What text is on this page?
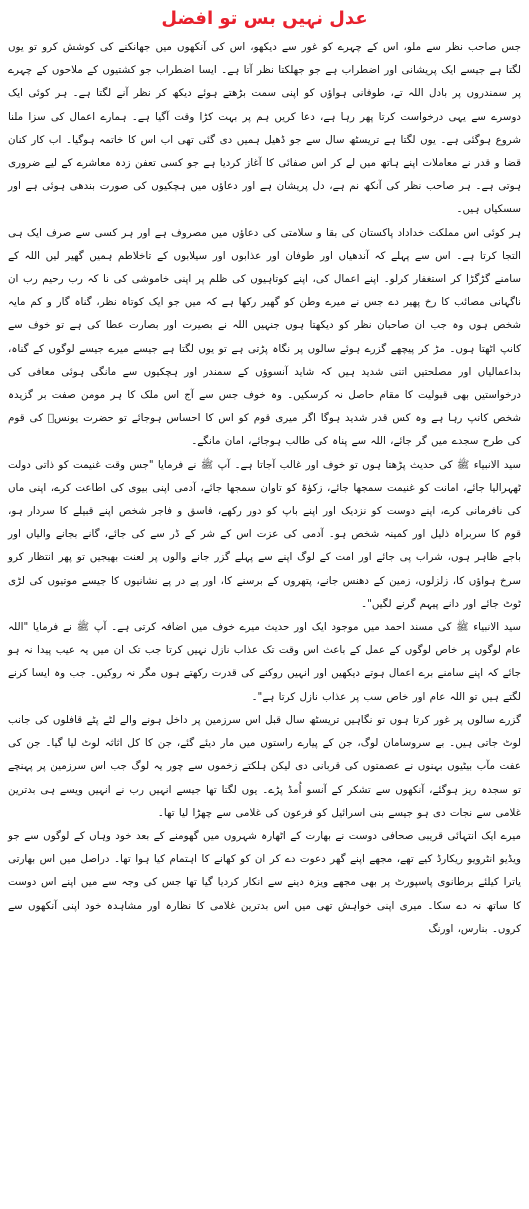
عدل نہیں بس تو افضل

جس صاحب نظر سے ملو، اس کے چہرے کو غور سے دیکھو، اس کی آنکھوں میں جھانکنے کی کوشش کرو تو یوں لگتا ہے جیسے ایک پریشانی اور اضطراب ہے جو جھلکتا نظر آتا ہے۔ ایسا اضطراب جو کشتیوں کے ملاحوں کے چہرے پر سمندروں پر بادل اللہ تے، طوفانی ہواؤں کو اپنی سمت بڑھتے ہوئے دیکھ کر نظر آنے لگتا ہے۔ ہر کوئی ایک دوسرے سے یہی درخواست کرتا پھر رہا ہے، دعا کریں ہم پر بہت کڑا وقت آگیا ہے۔ ہمارے اعمال کی سزا ملنا شروع ہوگئی ہے۔ یوں لگتا ہے تریسٹھ سال سے جو ڈھیل ہمیں دی گئی تھی اب اس کا خاتمہ ہوگیا۔ اب کار کنان قضا و قدر نے معاملات اپنے ہاتھ میں لے کر اس صفائی کا آغاز کردیا ہے جو کسی تعفن زدہ معاشرے کے لیے ضروری ہوتی ہے۔ ہر صاحب نظر کی آنکھ نم ہے، دل پریشان ہے اور دعاؤں میں ہچکیوں کی صورت بندھی ہوئی ہے اور سسکیاں ہیں۔

ہر کوئی اس مملکت خداداد پاکستان کی بقا و سلامتی کی دعاؤں میں مصروف ہے اور ہر کسی سے صرف ایک ہی التجا کرتا ہے۔ اس سے پہلے کہ آندھیاں اور طوفان اور عذابوں اور سیلابوں کے تاخلاطم ہمیں گھیر لیں اللہ کے سامنے گڑگڑا کر استغفار کرلو۔ اپنے اعمال کی، اپنے کوتاہیوں کی ظلم پر اپنی خاموشی کی نا کہ رب رحیم رب ان ناگہانی مصائب کا رخ پھیر دے جس نے میرے وطن کو گھیر رکھا ہے کہ میں جو ایک کوتاہ نظر، گناہ گار و کم مایہ شخص ہوں وہ جب ان صاحبان نظر کو دیکھتا ہوں جنہیں اللہ نے بصیرت اور بصارت عطا کی ہے تو خوف سے کانپ اٹھتا ہوں۔ مڑ کر پیچھے گزرے ہوئے سالوں پر نگاہ پڑتی ہے تو یوں لگتا ہے جیسے میرے جیسے لوگوں کے گناہ، بداعمالیاں اور مصلحتیں اتنی شدید ہیں کہ شاید آنسوؤں کے سمندر اور ہچکیوں سے مانگی ہوئی معافی کی درخواستیں بھی قبولیت کا مقام حاصل نہ کرسکیں۔ وہ خوف جس سے آج اس ملک کا ہر مومن صفت بر گزیدہ شخص کانپ رہا ہے وہ کس قدر شدید ہوگا اگر میری قوم کو اس کا احساس ہوجائے تو حضرت یونسؑ کی قوم کی طرح سجدے میں گر جائے، اللہ سے پناہ کی طالب ہوجائے، امان مانگے۔

سید الانبیاء ﷺ کی حدیث پڑھتا ہوں تو خوف اور غالب آجاتا ہے۔ آپ ﷺ نے فرمایا "جس وقت غنیمت کو ذاتی دولت ٹھہرالیا جائے، امانت کو غنیمت سمجھا جائے، زکوٰۃ کو تاوان سمجھا جائے، آدمی اپنی بیوی کی اطاعت کرے، اپنی ماں کی نافرمانی کرے، اپنے دوست کو نزدیک اور اپنے باپ کو دور رکھے، فاسق و فاجر شخص اپنے قبیلے کا سردار ہو، قوم کا سربراہ ذلیل اور کمینہ شخص ہو۔ آدمی کی عزت اس کے شر کے ڈر سے کی جائے، گانے بجانے والیاں اور باجے ظاہر ہوں، شراب پی جائے اور امت کے لوگ اپنے سے پہلے گزر جانے والوں پر لعنت بھیجیں تو پھر انتظار کرو سرخ ہواؤں کا، زلزلوں، زمین کے دھنس جانے، پتھروں کے برسنے کا، اور پے در پے نشانیوں کا جیسے موتیوں کی لڑی ٹوٹ جائے اور دانے پیہم گرنے لگیں"۔

سید الانبیاء ﷺ کی مسند احمد میں موجود ایک اور حدیث میرے خوف میں اضافہ کرتی ہے۔ آپ ﷺ نے فرمایا "اللہ عام لوگوں پر خاص لوگوں کے عمل کے باعث اس وقت تک عذاب نازل نہیں کرتا جب تک ان میں یہ عیب پیدا نہ ہو جائے کہ اپنے سامنے برے اعمال ہوتے دیکھیں اور انہیں روکنے کی قدرت رکھتے ہوں مگر نہ روکیں۔ جب وہ ایسا کرنے لگتے ہیں تو اللہ عام اور خاص سب پر عذاب نازل کرتا ہے"۔

گزرے سالوں پر غور کرتا ہوں تو نگاہیں تریسٹھ سال قبل اس سرزمین پر داخل ہونے والے لٹے پٹے قافلوں کی جانب لوٹ جاتی ہیں۔ بے سروسامان لوگ، جن کے پیارے راستوں میں مار دیئے گئے، جن کا کل اثاثہ لوٹ لیا گیا۔ جن کی عفت مآب بیٹیوں بہنوں نے عصمتوں کی قربانی دی لیکن ہلکتے زخموں سے چور یہ لوگ جب اس سرزمین پر پہنچے تو سجدہ ریز ہوگئے، آنکھوں سے تشکر کے آنسو اُمڈ پڑے۔ یوں لگتا تھا جیسے انہیں رب نے انہیں ویسے ہی بدترین غلامی سے نجات دی ہو جیسے بنی اسرائیل کو فرعون کی غلامی سے چھڑا لیا تھا۔

میرے ایک انتہائی قریبی صحافی دوست نے بھارت کے اٹھارہ شہروں میں گھومنے کے بعد خود وہاں کے لوگوں سے جو ویڈیو انٹرویو ریکارڈ کیے تھے، مجھے اپنے گھر دعوت دے کر ان کو کھانے کا اہتمام کیا ہوا تھا۔ دراصل میں اس بھارتی یاترا کیلئے برطانوی پاسپورٹ پر بھی مجھے ویزہ دینے سے انکار کردیا گیا تھا جس کی وجہ سے میں اپنے اس دوست کا ساتھ نہ دے سکا۔ میری اپنی خواہش تھی میں اس بدترین غلامی کا نظارہ اور مشاہدہ خود اپنی آنکھوں سے کروں۔ بنارس، اورنگ
